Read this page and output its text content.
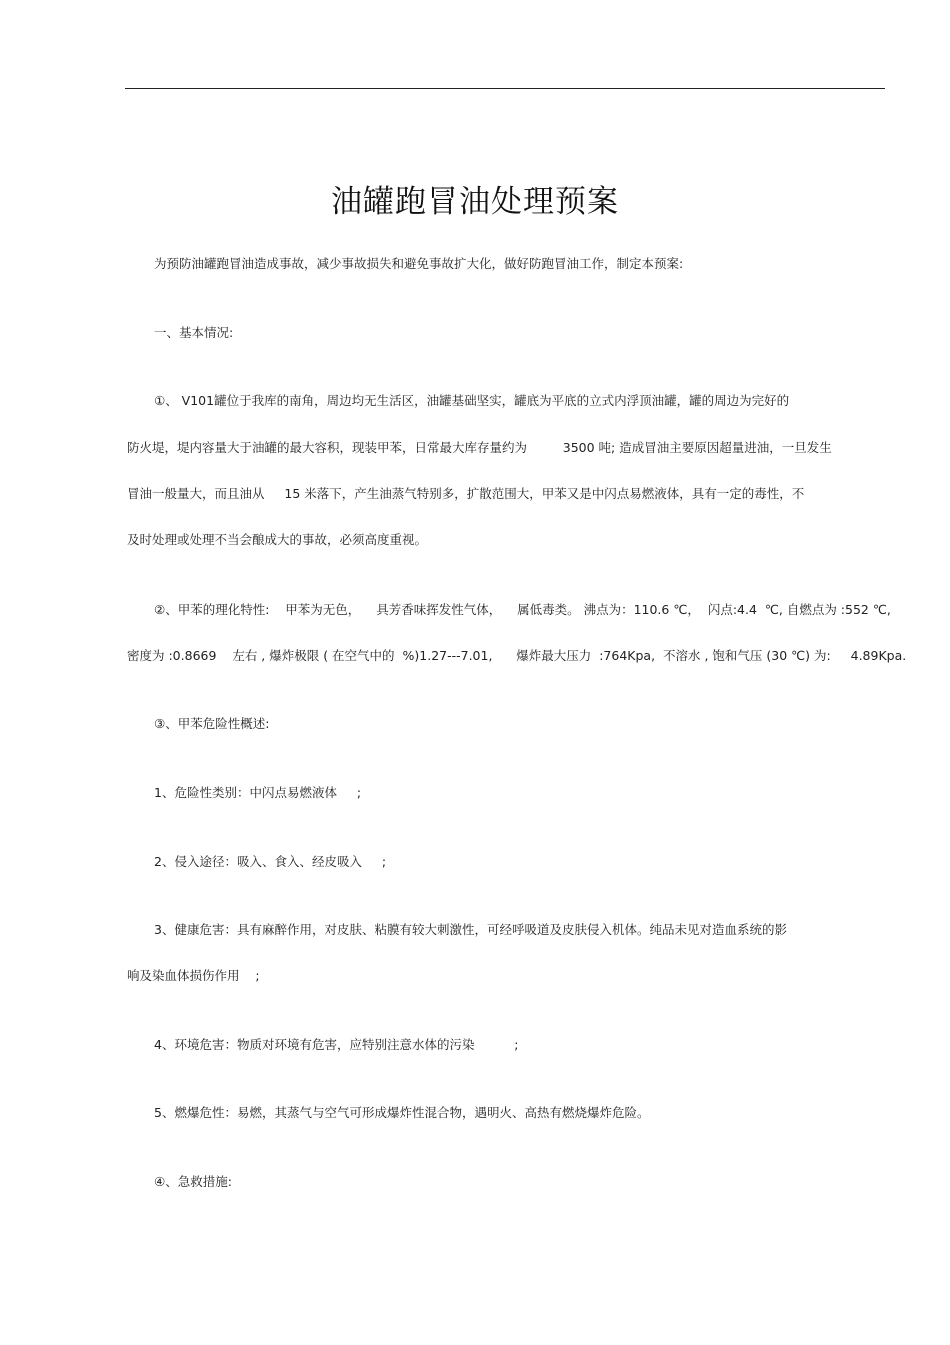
油罐跑冒油处理预案
为预防油罐跑冒油造成事故，减少事故损失和避免事故扩大化，做好防跑冒油工作，制定本预案:
一、基本情况:
①、 V101罐位于我库的南角，周边均无生活区，油罐基础坚实，罐底为平底的立式内浮顶油罐，罐的周边为完好的
防火堤，堤内容量大于油罐的最大容积，现装甲苯，日常最大库存量约为         3500 吨; 造成冒油主要原因超量进油，一旦发生
冒油一般量大，而且油从     15 米落下，产生油蒸气特别多，扩散范围大，甲苯又是中闪点易燃液体，具有一定的毒性，不
及时处理或处理不当会酿成大的事故，必须高度重视。
②、甲苯的理化特性:    甲苯为无色，    具芳香味挥发性气体，    属低毒类。 沸点为：110.6 ℃，  闪点:4.4  ℃, 自燃点为 :552 ℃,
密度为 :0.8669    左右 , 爆炸极限 ( 在空气中的  %)1.27---7.01,      爆炸最大压力  :764Kpa,  不溶水 , 饱和气压 (30 ℃) 为:     4.89Kpa.
③、甲苯危险性概述:
1、危险性类别：中闪点易燃液体     ;
2、侵入途径：吸入、食入、经皮吸入     ;
3、健康危害：具有麻醉作用，对皮肤、粘膜有较大刺激性，可经呼吸道及皮肤侵入机体。纯品未见对造血系统的影
响及染血体损伤作用    ;
4、环境危害：物质对环境有危害，应特别注意水体的污染          ;
5、燃爆危性：易燃，其蒸气与空气可形成爆炸性混合物，遇明火、高热有燃烧爆炸危险。
④、急救措施:
